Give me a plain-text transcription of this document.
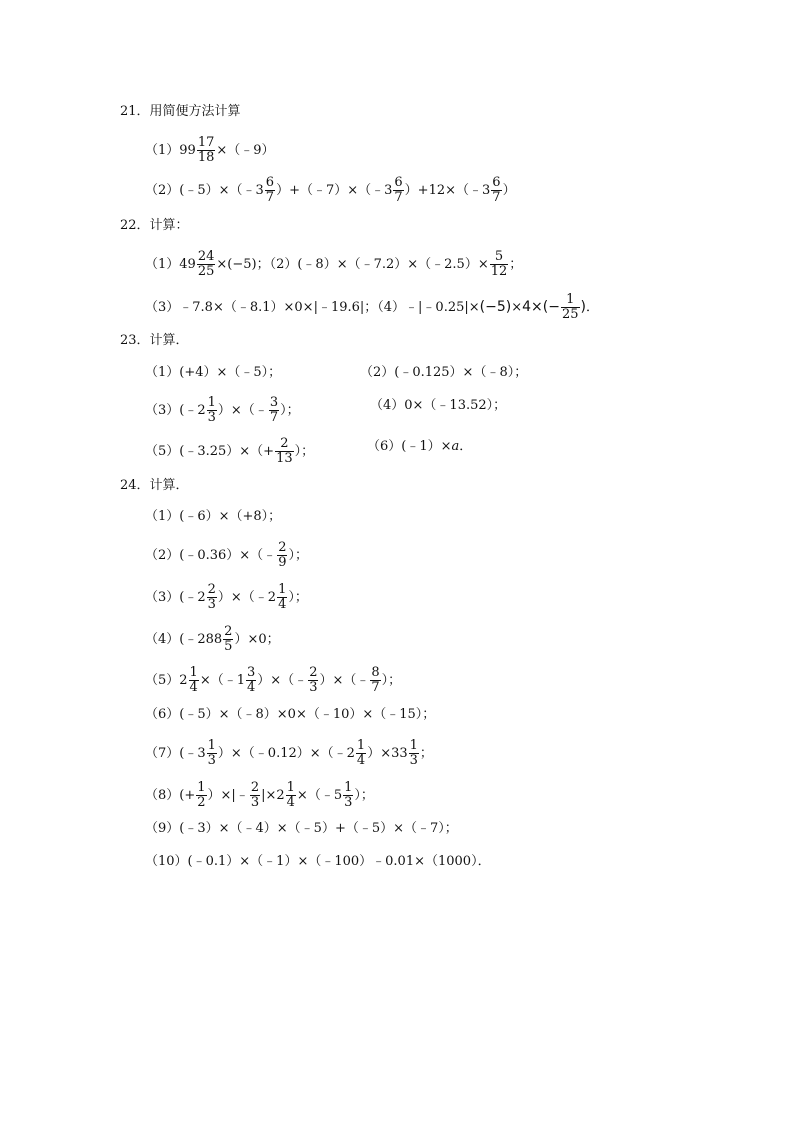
21．用简便方法计算
$(1)99 \frac{17}{18}$ ×（﹣9）
（2）(﹣5）×（﹣3 $\frac{6}{7}$ ）+（﹣7）×（﹣3 $\frac{6}{7}$ ）+12×（﹣3 $\frac{6}{7}$ ）
22．计算：
$(1)49 \frac{24}{25} \times(-5)$；（2）(﹣8）×（﹣7.2）×（﹣2.5）× $\frac{5}{12}$ ；
（3）﹣7.8×（﹣8.1）×0×|﹣19.6|；（4）﹣|﹣0.25|×(−5)×4×(− $\frac{1}{25}$ )．
23．计算．
（1）(+4）×（﹣5）；	（2）(﹣0.125）×（﹣8）；
（3）(﹣2 $\frac{1}{3}$ ）×（﹣ $\frac{3}{7}$ ）；	（4）0×（﹣13.52）；
（5）(﹣3.25）×（+ $\frac{2}{13}$ ）；	（6）(﹣1）×a．
24．计算．
（1）(﹣6）×（+8）；
（2）(﹣0.36）×（﹣ $\frac{2}{9}$ ）；
（3）(﹣2 $\frac{2}{3}$ ）×（﹣2 $\frac{1}{4}$ ）；
（4）(﹣288 $\frac{2}{5} )\times 0$；
$(5)2 \frac{1}{4}$ ×（﹣1 $\frac{3}{4}$ ）×（﹣ $\frac{2}{3}$ ）×（﹣ $\frac{8}{7}$ ）；
（6）(﹣5）×（﹣8）×0×（﹣10）×（﹣15）；
（7）(﹣3 $\frac{1}{3}$ ）×（﹣0.12）×（﹣2 $\frac{1}{4} )\times 33 \frac{1}{3}$ ；
$(8)(+ \frac{1}{2}$ ）×|﹣ $\frac{2}{3} |\times 2 \frac{1}{4}$ ×（﹣5 $\frac{1}{3}$ ）；
（9）(﹣3）×（﹣4）×（﹣5）+（﹣5）×（﹣7）；
（10）(﹣0.1）×（﹣1）×（﹣100）﹣0.01×（1000）．
